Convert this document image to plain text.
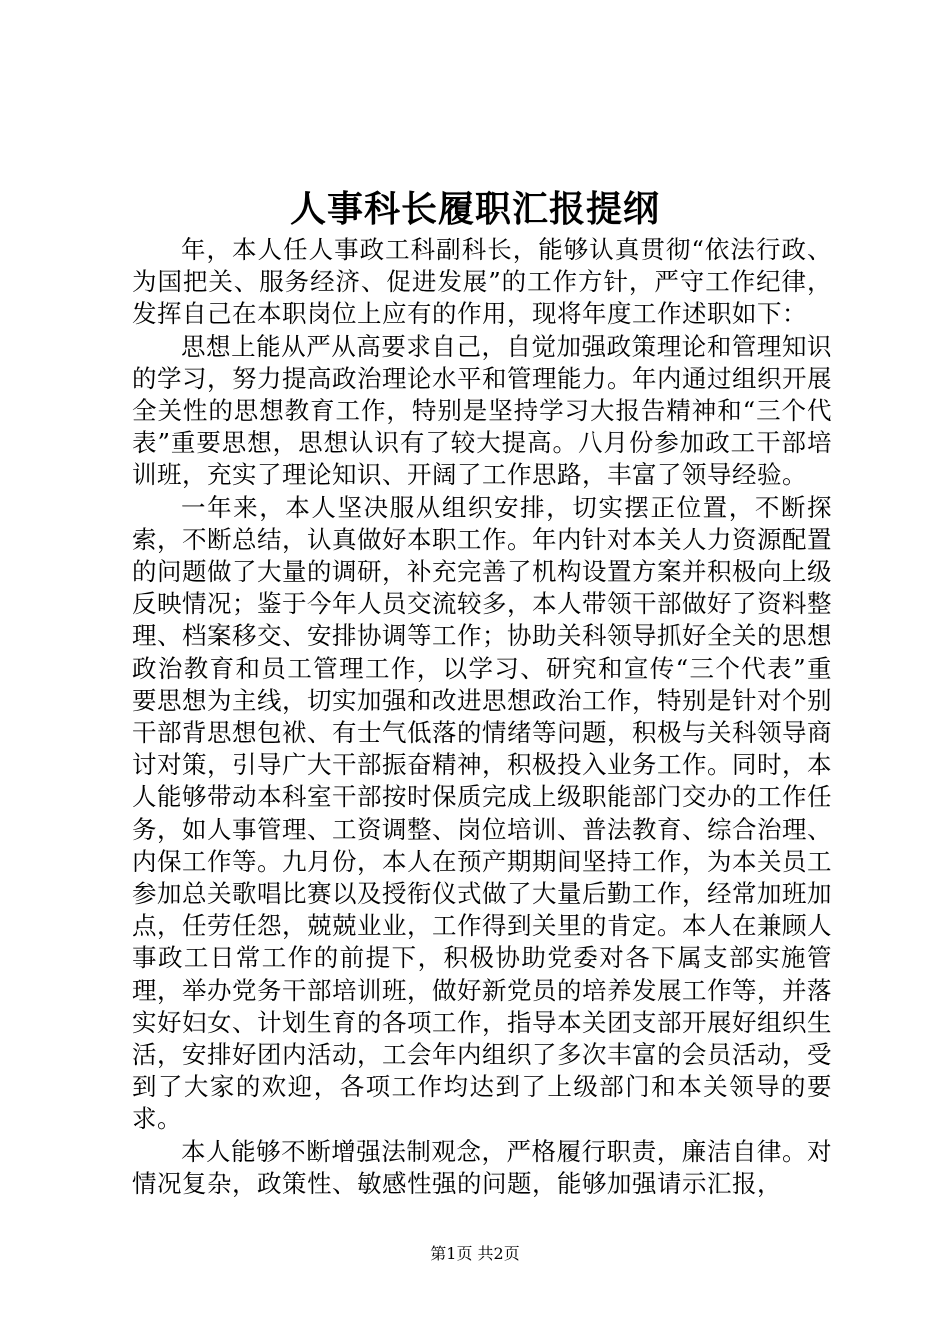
人事科长履职汇报提纲

年，本人任人事政工科副科长，能够认真贯彻“依法行政、为国把关、服务经济、促进发展”的工作方针，严守工作纪律，发挥自己在本职岗位上应有的作用，现将年度工作述职如下：

思想上能从严从高要求自己，自觉加强政策理论和管理知识的学习，努力提高政治理论水平和管理能力。年内通过组织开展全关性的思想教育工作，特别是坚持学习大报告精神和“三个代表”重要思想，思想认识有了较大提高。八月份参加政工干部培训班，充实了理论知识、开阔了工作思路，丰富了领导经验。

一年来，本人坚决服从组织安排，切实摆正位置，不断探索，不断总结，认真做好本职工作。年内针对本关人力资源配置的问题做了大量的调研，补充完善了机构设置方案并积极向上级反映情况；鉴于今年人员交流较多，本人带领干部做好了资料整理、档案移交、安排协调等工作；协助关科领导抓好全关的思想政治教育和员工管理工作，以学习、研究和宣传“三个代表”重要思想为主线，切实加强和改进思想政治工作，特别是针对个别干部背思想包袱、有士气低落的情绪等问题，积极与关科领导商讨对策，引导广大干部振奋精神，积极投入业务工作。同时，本人能够带动本科室干部按时保质完成上级职能部门交办的工作任务，如人事管理、工资调整、岗位培训、普法教育、综合治理、内保工作等。九月份，本人在预产期期间坚持工作，为本关员工参加总关歌唱比赛以及授衔仪式做了大量后勤工作，经常加班加点，任劳任怨，兢兢业业，工作得到关里的肯定。本人在兼顾人事政工日常工作的前提下，积极协助党委对各下属支部实施管理，举办党务干部培训班，做好新党员的培养发展工作等，并落实好妇女、计划生育的各项工作，指导本关团支部开展好组织生活，安排好团内活动，工会年内组织了多次丰富的会员活动，受到了大家的欢迎，各项工作均达到了上级部门和本关领导的要求。

本人能够不断增强法制观念，严格履行职责，廉洁自律。对情况复杂，政策性、敏感性强的问题，能够加强请示汇报，

第1页 共2页
